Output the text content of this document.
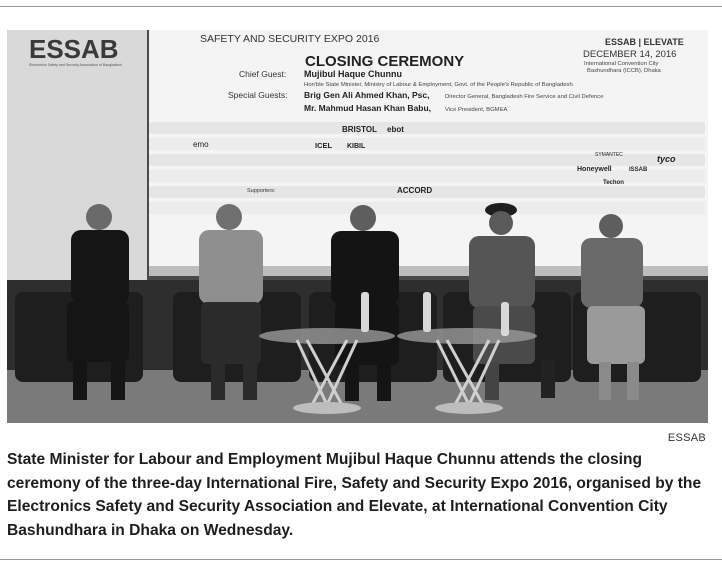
ESSAB
Electronics Safety and Security Association of Bangladesh
SAFETY AND SECURITY EXPO 2016
CLOSING CEREMONY
ESSAB | ELEVATE
DECEMBER 14, 2016
International Convention City
Bashundhara (ICCB), Dhaka
Chief Guest: Mujibul Haque Chunnu
Hon'ble State Minister, Ministry of Labour & Employment, Govt. of the People's Republic of Bangladesh
Special Guests: Brig Gen Ali Ahmed Khan, Psc,	Director General, Bangladesh Fire Service and Civil Defence
Mr. Mahmud Hasan Khan Babu, Vice President, BGMEA
BRISTOL ebot
ACCORD
emo	ICEL KIBIL
Honeywell
tyco
SYMANTEC
Techon
ISSAB
Supporters:
ESSAB

State Minister for Labour and Employment Mujibul Haque Chunnu attends the closing ceremony of the three-day International Fire, Safety and Security Expo 2016, organised by the Electronics Safety and Security Association and Elevate, at International Convention City Bashundhara in Dhaka on Wednesday.
